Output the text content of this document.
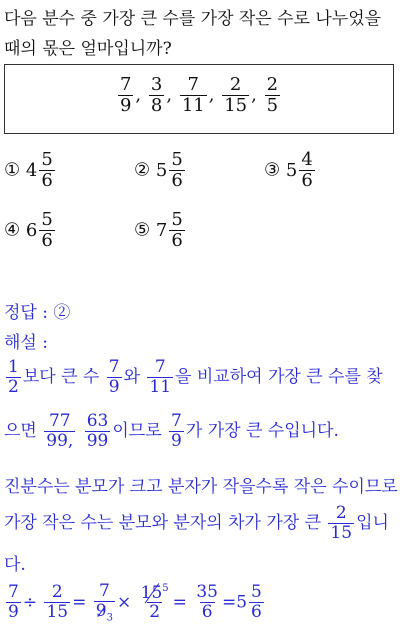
다음 분수 중 가장 큰 수를 가장 작은 수로 나누었을
때의 몫은 얼마입니까?
$\frac{7}{9}$ , $\frac{3}{8}$ , $\frac{7}{11}$ , $\frac{2}{15}$ , $\frac{2}{5}$
① $4 \frac{5}{6}$	② $5 \frac{5}{6}$	③ $5 \frac{4}{6}$
④ $6 \frac{5}{6}$	⑤ $7 \frac{5}{6}$
정답 : ②
해설 :
$\frac{1}{2}$ 보다 큰 수 $\frac{7}{9}$ 와 $\frac{7}{11}$ 을 비교하여 가장 큰 수를 찾
으면 $\frac{77}{99,}$
$\frac{63}{99}$ 이므로 $\frac{7}{9}$ 가 가장 큰 수입니다.
진분수는 분모가 크고 분자가 작을수록 작은 수이므로
가장 작은 수는 분모와 분자의 차가 가장 큰 $\frac{2}{15}$ 입니
다.
$\frac{7}{9} \div \frac{2}{15} = \frac{7}{9_3} \times \frac{15^5}{2} = \frac{35}{6} =5 \frac{5}{6}$
